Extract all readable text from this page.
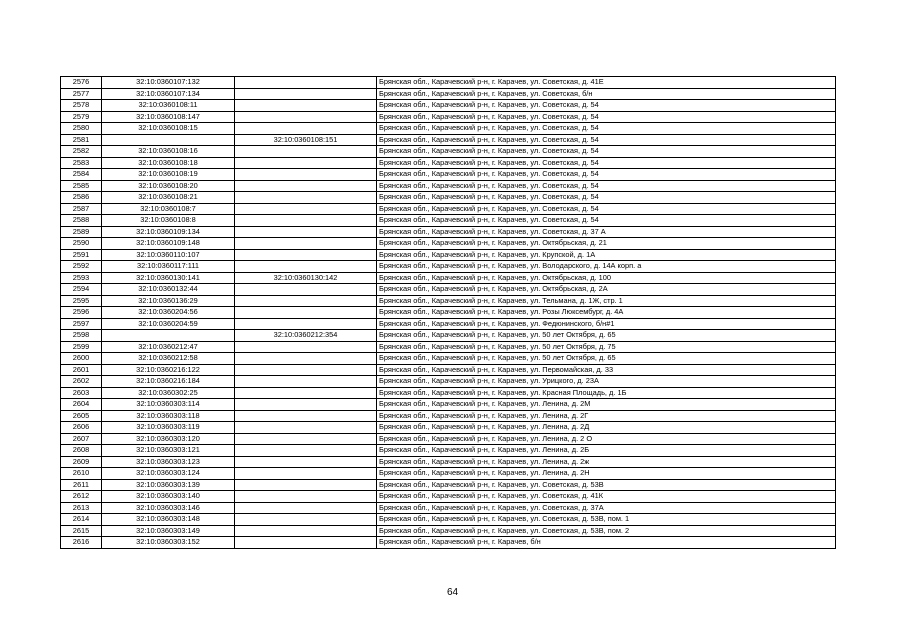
2576	32:10:0360107:132		Брянская обл., Карачевский р-н, г. Карачев, ул. Советская, д. 41Е
2577	32:10:0360107:134		Брянская обл., Карачевский р-н, г. Карачев, ул. Советская, б/н
2578	32:10:0360108:11		Брянская обл., Карачевский р-н, г. Карачев, ул. Советская, д. 54
2579	32:10:0360108:147		Брянская обл., Карачевский р-н, г. Карачев, ул. Советская, д. 54
2580	32:10:0360108:15		Брянская обл., Карачевский р-н, г. Карачев, ул. Советская, д. 54
2581		32:10:0360108:151	Брянская обл., Карачевский р-н, г. Карачев, ул. Советская, д. 54
2582	32:10:0360108:16		Брянская обл., Карачевский р-н, г. Карачев, ул. Советская, д. 54
2583	32:10:0360108:18		Брянская обл., Карачевский р-н, г. Карачев, ул. Советская, д. 54
2584	32:10:0360108:19		Брянская обл., Карачевский р-н, г. Карачев, ул. Советская, д. 54
2585	32:10:0360108:20		Брянская обл., Карачевский р-н, г. Карачев, ул. Советская, д. 54
2586	32:10:0360108:21		Брянская обл., Карачевский р-н, г. Карачев, ул. Советская, д. 54
2587	32:10:0360108:7		Брянская обл., Карачевский р-н, г. Карачев, ул. Советская, д. 54
2588	32:10:0360108:8		Брянская обл., Карачевский р-н, г. Карачев, ул. Советская, д. 54
2589	32:10:0360109:134		Брянская обл., Карачевский р-н, г. Карачев, ул. Советская, д. 37 А
2590	32:10:0360109:148		Брянская обл., Карачевский р-н, г. Карачев, ул. Октябрьская, д. 21
2591	32:10:0360110:107		Брянская обл., Карачевский р-н, г. Карачев, ул. Крупской, д. 1А
2592	32:10:0360117:111		Брянская обл., Карачевский р-н, г. Карачев, ул. Володарского, д. 14А корп. а
2593	32:10:0360130:141	32:10:0360130:142	Брянская обл., Карачевский р-н, г. Карачев, ул. Октябрьская, д. 100
2594	32:10:0360132:44		Брянская обл., Карачевский р-н, г. Карачев, ул. Октябрьская, д. 2А
2595	32:10:0360136:29		Брянская обл., Карачевский р-н, г. Карачев, ул. Тельмана, д. 1Ж, стр. 1
2596	32:10:0360204:56		Брянская обл., Карачевский р-н, г. Карачев, ул. Розы Люксембург, д. 4А
2597	32:10:0360204:59		Брянская обл., Карачевский р-н, г. Карачев, ул. Федюнинского, б/н#1
2598		32:10:0360212:354	Брянская обл., Карачевский р-н, г. Карачев, ул. 50 лет Октября, д. 65
2599	32:10:0360212:47		Брянская обл., Карачевский р-н, г. Карачев, ул. 50 лет Октября, д. 75
2600	32:10:0360212:58		Брянская обл., Карачевский р-н, г. Карачев, ул. 50 лет Октября, д. 65
2601	32:10:0360216:122		Брянская обл., Карачевский р-н, г. Карачев, ул. Первомайская, д. 33
2602	32:10:0360216:184		Брянская обл., Карачевский р-н, г. Карачев, ул. Урицкого, д. 23А
2603	32:10:0360302:25		Брянская обл., Карачевский р-н, г. Карачев, ул. Красная Площадь, д. 1Б
2604	32:10:0360303:114		Брянская обл., Карачевский р-н, г. Карачев, ул. Ленина, д. 2М
2605	32:10:0360303:118		Брянская обл., Карачевский р-н, г. Карачев, ул. Ленина, д. 2Г
2606	32:10:0360303:119		Брянская обл., Карачевский р-н, г. Карачев, ул. Ленина, д. 2Д
2607	32:10:0360303:120		Брянская обл., Карачевский р-н, г. Карачев, ул. Ленина, д. 2 О
2608	32:10:0360303:121		Брянская обл., Карачевский р-н, г. Карачев, ул. Ленина, д. 2Б
2609	32:10:0360303:123		Брянская обл., Карачевский р-н, г. Карачев, ул. Ленина, д. 2ж
2610	32:10:0360303:124		Брянская обл., Карачевский р-н, г. Карачев, ул. Ленина, д. 2Н
2611	32:10:0360303:139		Брянская обл., Карачевский р-н, г. Карачев, ул. Советская, д. 53В
2612	32:10:0360303:140		Брянская обл., Карачевский р-н, г. Карачев, ул. Советская, д. 41К
2613	32:10:0360303:146		Брянская обл., Карачевский р-н, г. Карачев, ул. Советская, д. 37А
2614	32:10:0360303:148		Брянская обл., Карачевский р-н, г. Карачев, ул. Советская, д. 53В, пом. 1
2615	32:10:0360303:149		Брянская обл., Карачевский р-н, г. Карачев, ул. Советская, д. 53В, пом. 2
2616	32:10:0360303:152		Брянская обл., Карачевский р-н, г. Карачев, б/н
64
